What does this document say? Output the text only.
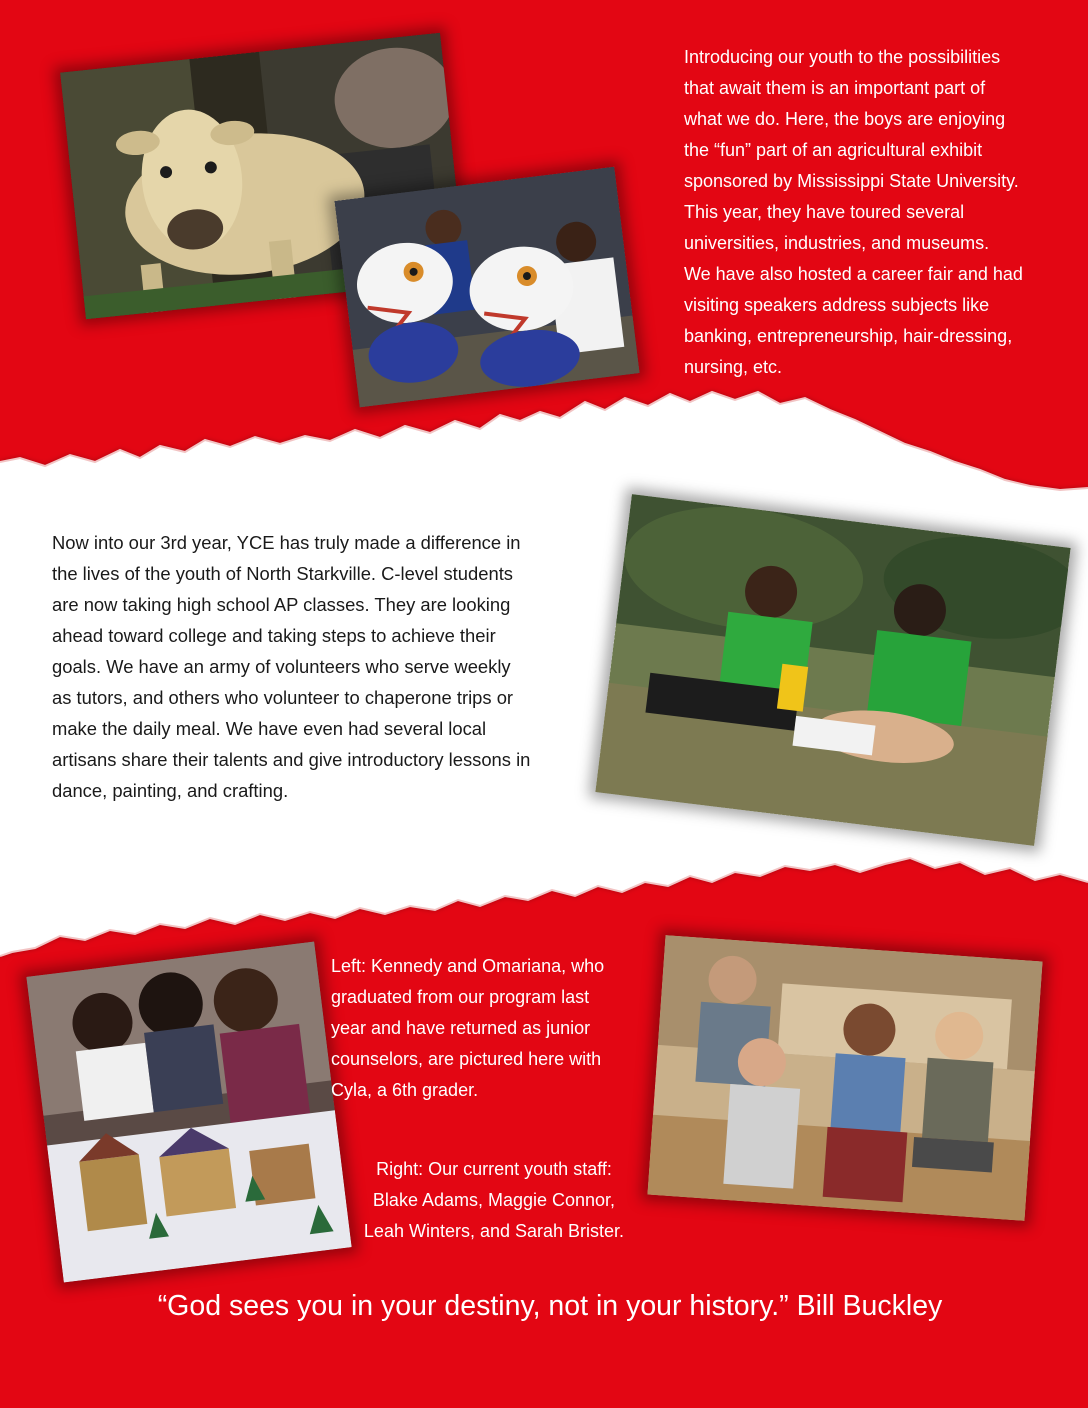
Introducing our youth to the possibilities
that await them is an important part of
what we do. Here, the boys are enjoying
the “fun” part of an agricultural exhibit
sponsored by Mississippi State University.
This year, they have toured several
universities, industries, and museums.
We have also hosted a career fair and had
visiting speakers address subjects like
banking, entrepreneurship, hair-dressing,
nursing, etc.
Now into our 3rd year, YCE has truly made a difference in
the lives of the youth of North Starkville. C-level students
are now taking high school AP classes. They are looking
ahead toward college and taking steps to achieve their
goals. We have an army of volunteers who serve weekly
as tutors, and others who volunteer to chaperone trips or
make the daily meal. We have even had several local
artisans share their talents and give introductory lessons in
dance, painting, and crafting.
Left: Kennedy and Omariana, who
graduated from our program last
year and have returned as junior
counselors, are pictured here with
Cyla, a 6th grader.
Right: Our current youth staff:
Blake Adams, Maggie Connor,
Leah Winters, and Sarah Brister.
“God sees you in your destiny, not in your history.” Bill Buckley
